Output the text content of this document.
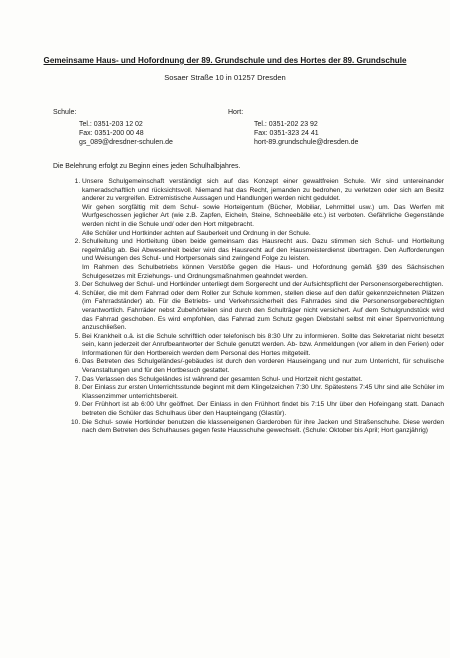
Gemeinsame Haus- und Hofordnung der 89. Grundschule und des Hortes der 89. Grundschule
Sosaer Straße 10 in 01257 Dresden
Schule:
Tel.: 0351-203 12 02
Fax: 0351-200 00 48
gs_089@dresdner-schulen.de
Hort:
Tel.: 0351-202 23 92
Fax: 0351-323 24 41
hort-89.grundschule@dresden.de
Die Belehrung erfolgt zu Beginn eines jeden Schulhalbjahres.

1. Unsere Schulgemeinschaft verständigt sich auf das Konzept einer gewaltfreien Schule. Wir sind untereinander kameradschaftlich und rücksichtsvoll. Niemand hat das Recht, jemanden zu bedrohen, zu verletzen oder sich am Besitz anderer zu vergreifen. Extremistische Aussagen und Handlungen werden nicht geduldet.

Wir gehen sorgfältig mit dem Schul- sowie Horteigentum (Bücher, Mobiliar, Lehrmittel usw.) um. Das Werfen mit Wurfgeschossen jeglicher Art (wie z.B. Zapfen, Eicheln, Steine, Schneebälle etc.) ist verboten. Gefährliche Gegenstände werden nicht in die Schule und/ oder den Hort mitgebracht.

Alle Schüler und Hortkinder achten auf Sauberkeit und Ordnung in der Schule.

2. Schulleitung und Hortleitung üben beide gemeinsam das Hausrecht aus. Dazu stimmen sich Schul- und Hortleitung regelmäßig ab. Bei Abwesenheit beider wird das Hausrecht auf den Hausmeisterdienst übertragen. Den Aufforderungen und Weisungen des Schul- und Hortpersonals sind zwingend Folge zu leisten.

Im Rahmen des Schulbetriebs können Verstöße gegen die Haus- und Hofordnung gemäß §39 des Sächsischen Schulgesetzes mit Erziehungs- und Ordnungsmaßnahmen geahndet werden.

3. Der Schulweg der Schul- und Hortkinder unterliegt dem Sorgerecht und der Aufsichtspflicht der Personensorgeberechtigten.

4. Schüler, die mit dem Fahrrad oder dem Roller zur Schule kommen, stellen diese auf den dafür gekennzeichneten Plätzen (im Fahrradständer) ab. Für die Betriebs- und Verkehrssicherheit des Fahrrades sind die Personensorgeberechtigten verantwortlich. Fahrräder nebst Zubehörteilen sind durch den Schulträger nicht versichert. Auf dem Schulgrundstück wird das Fahrrad geschoben. Es wird empfohlen, das Fahrrad zum Schutz gegen Diebstahl selbst mit einer Sperrvorrichtung anzuschließen.

5. Bei Krankheit o.ä. ist die Schule schriftlich oder telefonisch bis 8:30 Uhr zu informieren. Sollte das Sekretariat nicht besetzt sein, kann jederzeit der Anrufbeantworter der Schule genutzt werden. Ab- bzw. Anmeldungen (vor allem in den Ferien) oder Informationen für den Hortbereich werden dem Personal des Hortes mitgeteilt.

6. Das Betreten des Schulgeländes/-gebäudes ist durch den vorderen Hauseingang und nur zum Unterricht, für schulische Veranstaltungen und für den Hortbesuch gestattet.

7. Das Verlassen des Schulgeländes ist während der gesamten Schul- und Hortzeit nicht gestattet.

8. Der Einlass zur ersten Unterrichtsstunde beginnt mit dem Klingelzeichen 7:30 Uhr. Spätestens 7:45 Uhr sind alle Schüler im Klassenzimmer unterrichtsbereit.

9. Der Frühhort ist ab 6:00 Uhr geöffnet. Der Einlass in den Frühhort findet bis 7:15 Uhr über den Hofeingang statt. Danach betreten die Schüler das Schulhaus über den Haupteingang (Glastür).

10. Die Schul- sowie Hortkinder benutzen die klasseneigenen Garderoben für ihre Jacken und Straßenschuhe. Diese werden nach dem Betreten des Schulhauses gegen feste Hausschuhe gewechselt. (Schule: Oktober bis April; Hort ganzjährig)
